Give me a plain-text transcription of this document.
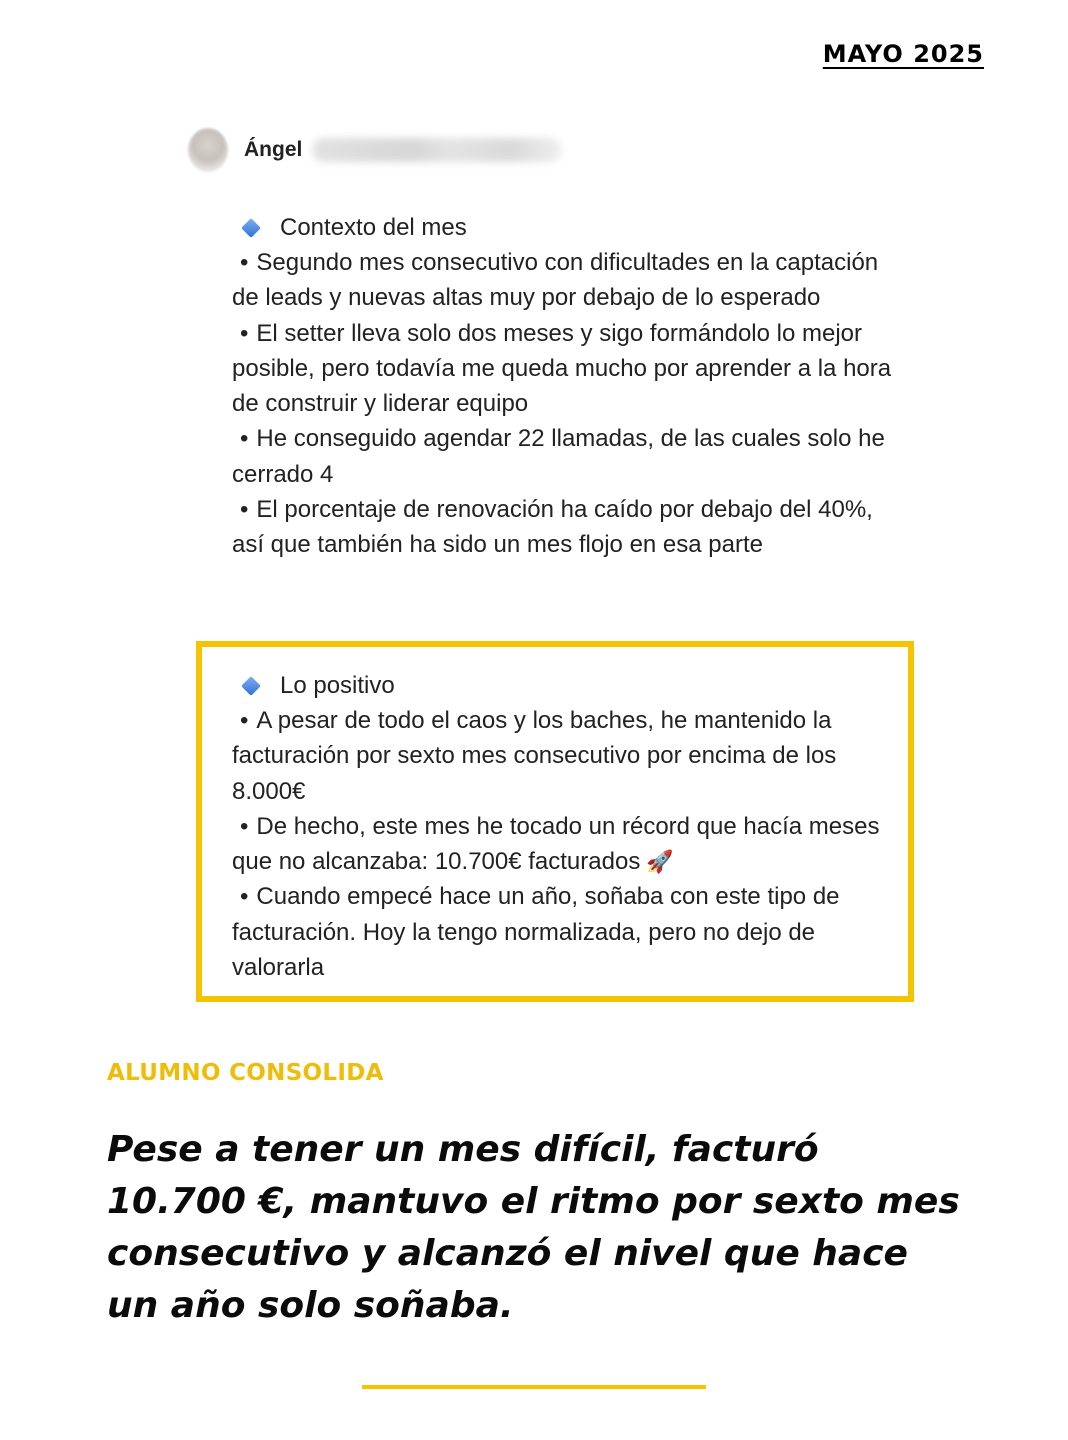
MAYO 2025
Ángel
Contexto del mes
• Segundo mes consecutivo con dificultades en la captación de leads y nuevas altas muy por debajo de lo esperado
• El setter lleva solo dos meses y sigo formándolo lo mejor posible, pero todavía me queda mucho por aprender a la hora de construir y liderar equipo
• He conseguido agendar 22 llamadas, de las cuales solo he cerrado 4
• El porcentaje de renovación ha caído por debajo del 40%, así que también ha sido un mes flojo en esa parte
Lo positivo
• A pesar de todo el caos y los baches, he mantenido la facturación por sexto mes consecutivo por encima de los 8.000€
• De hecho, este mes he tocado un récord que hacía meses que no alcanzaba: 10.700€ facturados 🚀
• Cuando empecé hace un año, soñaba con este tipo de facturación. Hoy la tengo normalizada, pero no dejo de valorarla
ALUMNO CONSOLIDA
Pese a tener un mes difícil, facturó 10.700 €, mantuvo el ritmo por sexto mes consecutivo y alcanzó el nivel que hace un año solo soñaba.
